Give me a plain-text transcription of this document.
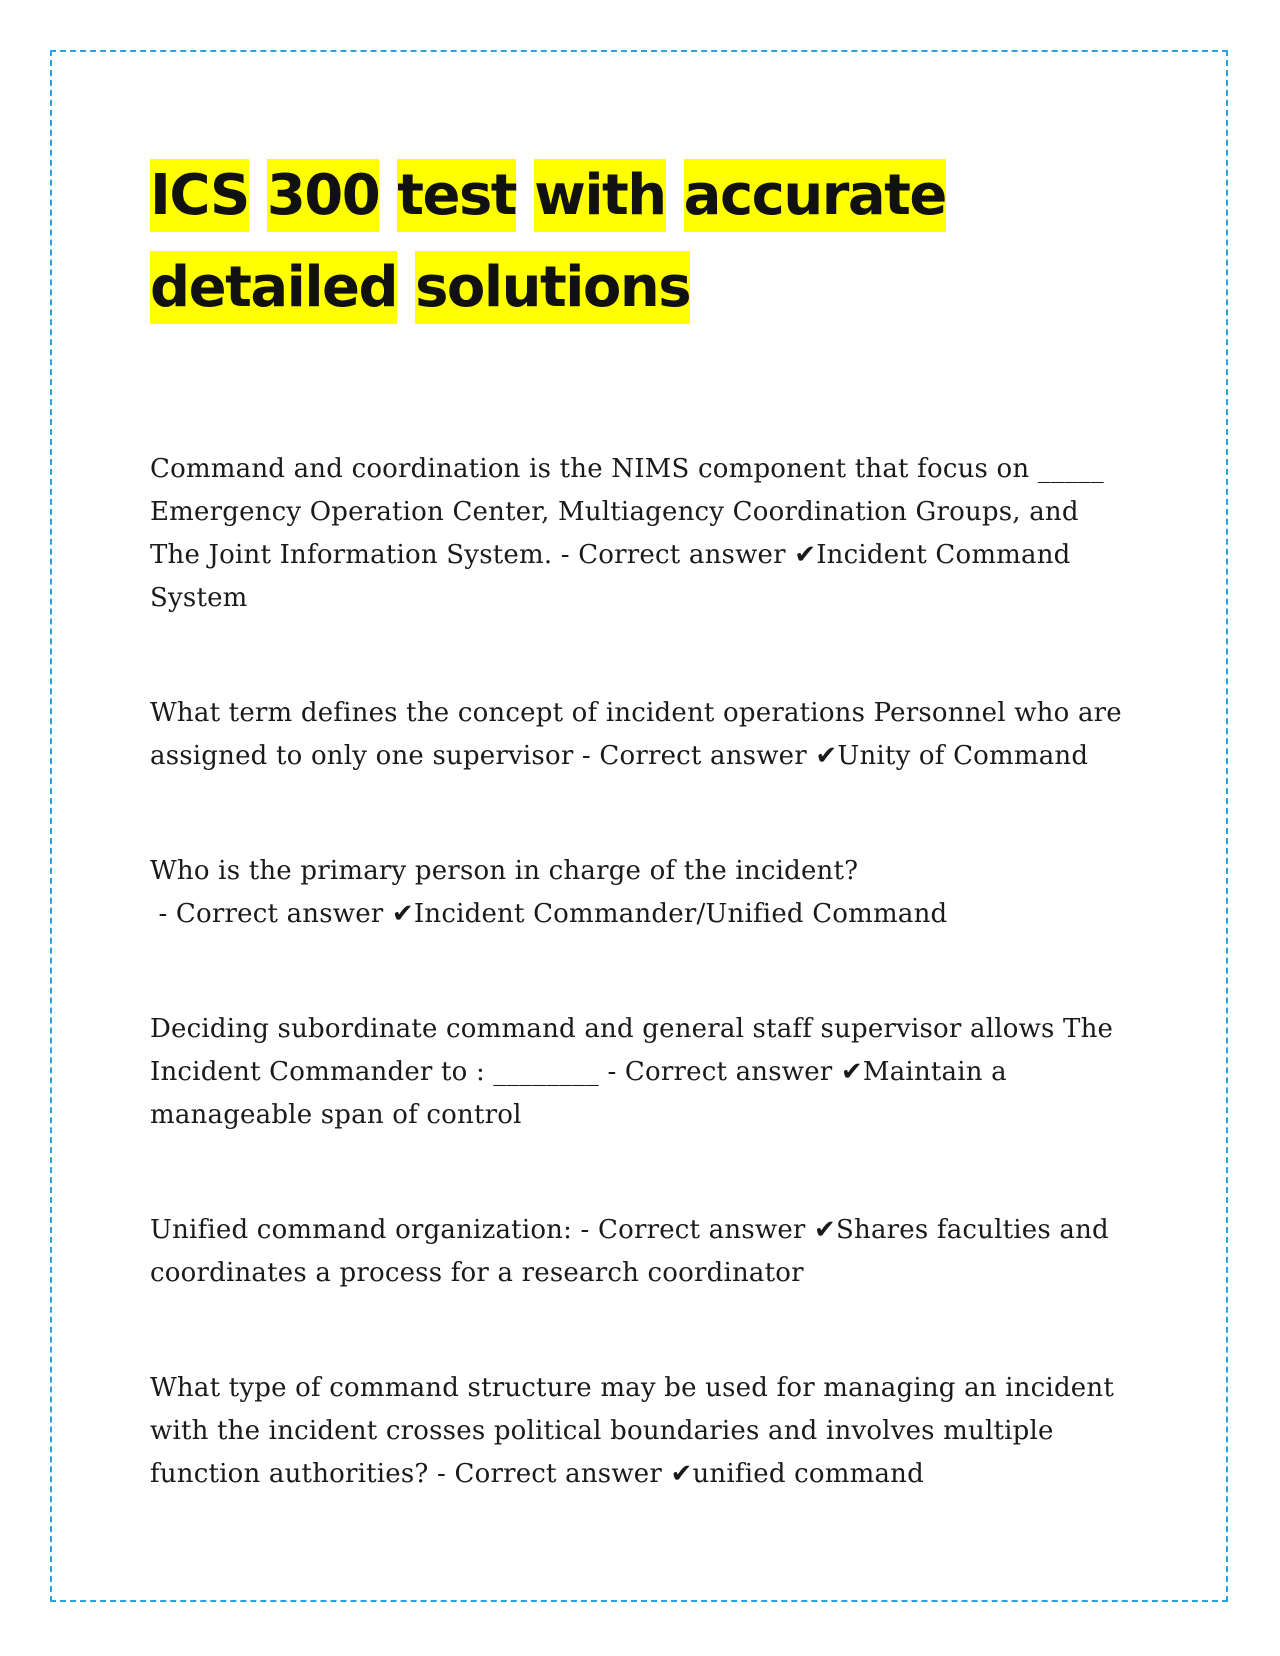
ICS 300 test with accurate
detailed solutions

Command and coordination is the NIMS component that focus on _____ Emergency Operation Center, Multiagency Coordination Groups, and The Joint Information System. - Correct answer ✔Incident Command System

What term defines the concept of incident operations Personnel who are assigned to only one supervisor - Correct answer ✔Unity of Command

Who is the primary person in charge of the incident? - Correct answer ✔Incident Commander/Unified Command

Deciding subordinate command and general staff supervisor allows The Incident Commander to : ________ - Correct answer ✔Maintain a manageable span of control

Unified command organization: - Correct answer ✔Shares faculties and coordinates a process for a research coordinator

What type of command structure may be used for managing an incident with the incident crosses political boundaries and involves multiple function authorities? - Correct answer ✔unified command
